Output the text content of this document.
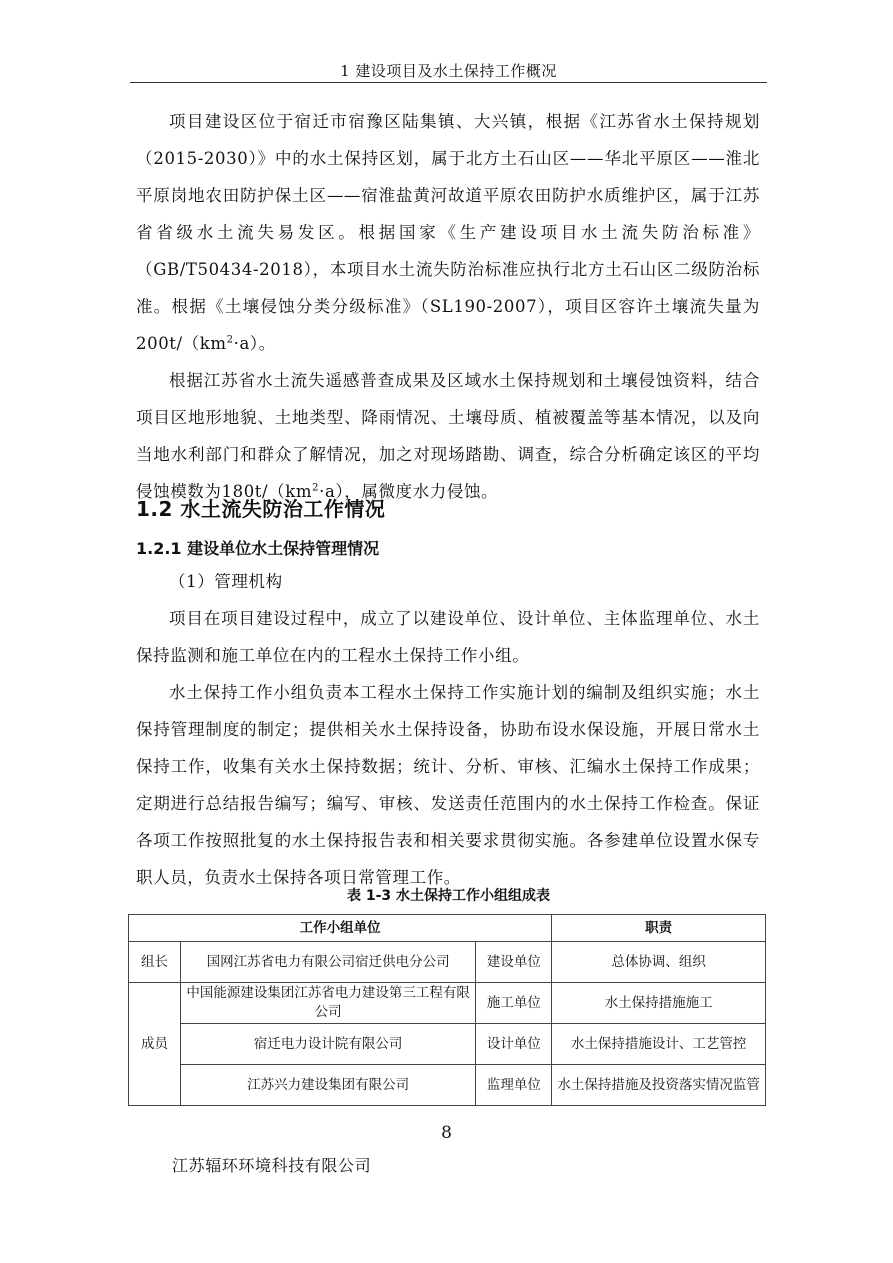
1 建设项目及水土保持工作概况

项目建设区位于宿迁市宿豫区陆集镇、大兴镇，根据《江苏省水土保持规划（2015-2030）》中的水土保持区划，属于北方土石山区——华北平原区——淮北平原岗地农田防护保土区——宿淮盐黄河故道平原农田防护水质维护区，属于江苏省省级水土流失易发区。根据国家《生产建设项目水土流失防治标准》（GB/T50434-2018），本项目水土流失防治标准应执行北方土石山区二级防治标准。根据《土壤侵蚀分类分级标准》（SL190-2007），项目区容许土壤流失量为$200t/(km^2\cdot a)$。

根据江苏省水土流失遥感普查成果及区域水土保持规划和土壤侵蚀资料，结合项目区地形地貌、土地类型、降雨情况、土壤母质、植被覆盖等基本情况，以及向当地水利部门和群众了解情况，加之对现场踏勘、调查，综合分析确定该区的平均侵蚀模数为$180t/(km^2\cdot a)$，属微度水力侵蚀。

1.2 水土流失防治工作情况
1.2.1 建设单位水土保持管理情况

（1）管理机构

项目在项目建设过程中，成立了以建设单位、设计单位、主体监理单位、水土保持监测和施工单位在内的工程水土保持工作小组。

水土保持工作小组负责本工程水土保持工作实施计划的编制及组织实施；水土保持管理制度的制定；提供相关水土保持设备，协助布设水保设施，开展日常水土保持工作，收集有关水土保持数据；统计、分析、审核、汇编水土保持工作成果；定期进行总结报告编写；编写、审核、发送责任范围内的水土保持工作检查。保证各项工作按照批复的水土保持报告表和相关要求贯彻实施。各参建单位设置水保专职人员，负责水土保持各项日常管理工作。

表 1-3 水土保持工作小组组成表
工作小组单位			职责
组长	国网江苏省电力有限公司宿迁供电分公司	建设单位	总体协调、组织
成员	中国能源建设集团江苏省电力建设第三工程有限公司	施工单位	水土保持措施施工
	宿迁电力设计院有限公司	设计单位	水土保持措施设计、工艺管控
	江苏兴力建设集团有限公司	监理单位	水土保持措施及投资落实情况监管
8
江苏辐环环境科技有限公司
